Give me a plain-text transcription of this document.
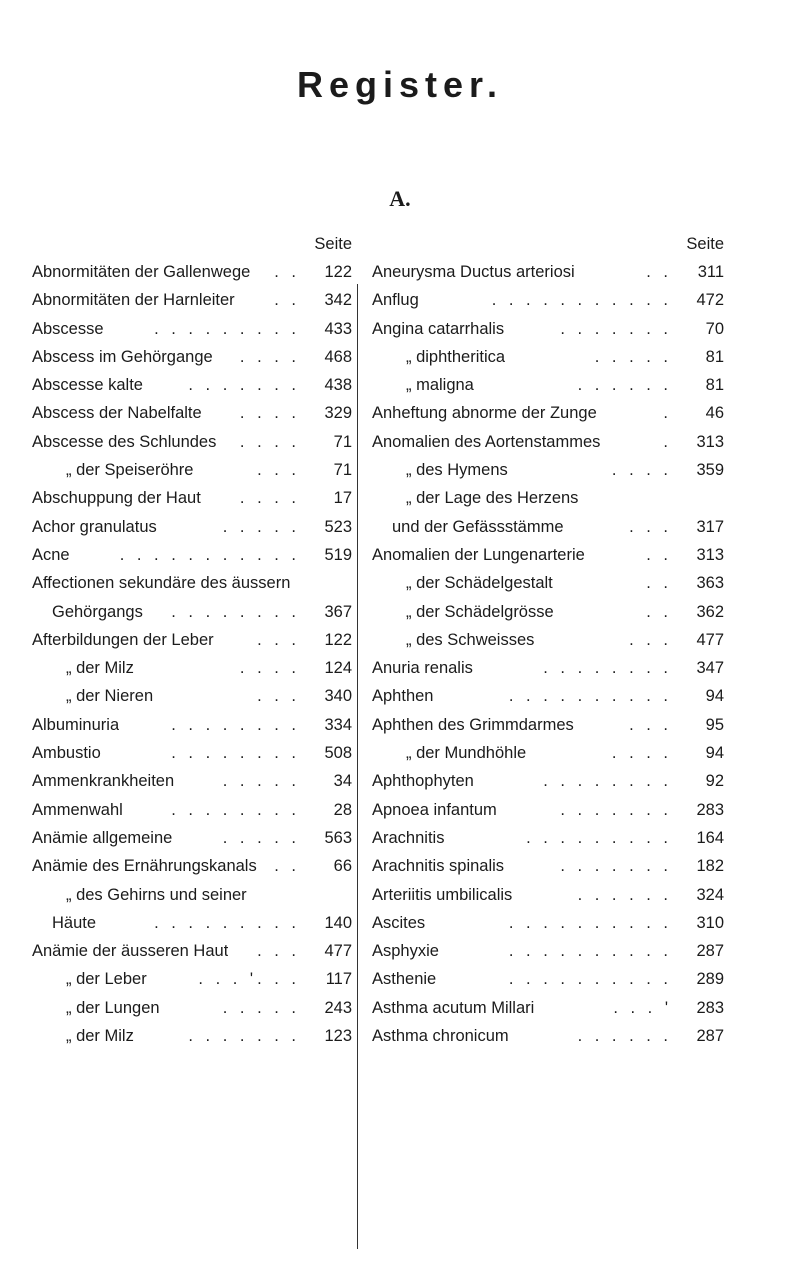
Register.
A.
Seite
Abnormitäten der Gallenwege	. .	122
Abnormitäten der Harnleiter	. .	342
Abscesse	. . . . . . . . .	433
Abscess im Gehörgange	. . . .	468
Abscesse kalte	. . . . . . .	438
Abscess der Nabelfalte	. . . .	329
Abscesse des Schlundes	. . . .	71
„ der Speiseröhre	. . .	71
Abschuppung der Haut	. . . .	17
Achor granulatus	. . . . .	523
Acne	. . . . . . . . . . .	519
Affectionen sekundäre des äussern
Gehörgangs	. . . . . . . .	367
Afterbildungen der Leber	. . .	122
„ der Milz	. . . .	124
„ der Nieren	. . .	340
Albuminuria	. . . . . . . .	334
Ambustio	. . . . . . . .	508
Ammenkrankheiten	. . . . .	34
Ammenwahl	. . . . . . . .	28
Anämie allgemeine	. . . . .	563
Anämie des Ernährungskanals	. .	66
„ des Gehirns und seiner
Häute	. . . . . . . . .	140
Anämie der äusseren Haut	. . .	477
„ der Leber	. . . '. . .	117
„ der Lungen	. . . . .	243
„ der Milz	. . . . . . .	123
Seite
Aneurysma Ductus arteriosi	. .	311
Anflug	. . . . . . . . . . .	472
Angina catarrhalis	. . . . . . .	70
„ diphtheritica	. . . . .	81
„ maligna	. . . . . .	81
Anheftung abnorme der Zunge	.	46
Anomalien des Aortenstammes	.	313
„ des Hymens	. . . .	359
„ der Lage des Herzens
und der Gefässstämme	. . .	317
Anomalien der Lungenarterie	. .	313
„ der Schädelgestalt	. .	363
„ der Schädelgrösse	. .	362
„ des Schweisses	. . .	477
Anuria renalis	. . . . . . . .	347
Aphthen	. . . . . . . . . .	94
Aphthen des Grimmdarmes	. . .	95
„ der Mundhöhle	. . . .	94
Aphthophyten	. . . . . . . .	92
Apnoea infantum	. . . . . . .	283
Arachnitis	. . . . . . . . .	164
Arachnitis spinalis	. . . . . . .	182
Arteriitis umbilicalis	. . . . . .	324
Ascites	. . . . . . . . . .	310
Asphyxie	. . . . . . . . . .	287
Asthenie	. . . . . . . . . .	289
Asthma acutum Millari	. . . '	283
Asthma chronicum	. . . . . .	287
